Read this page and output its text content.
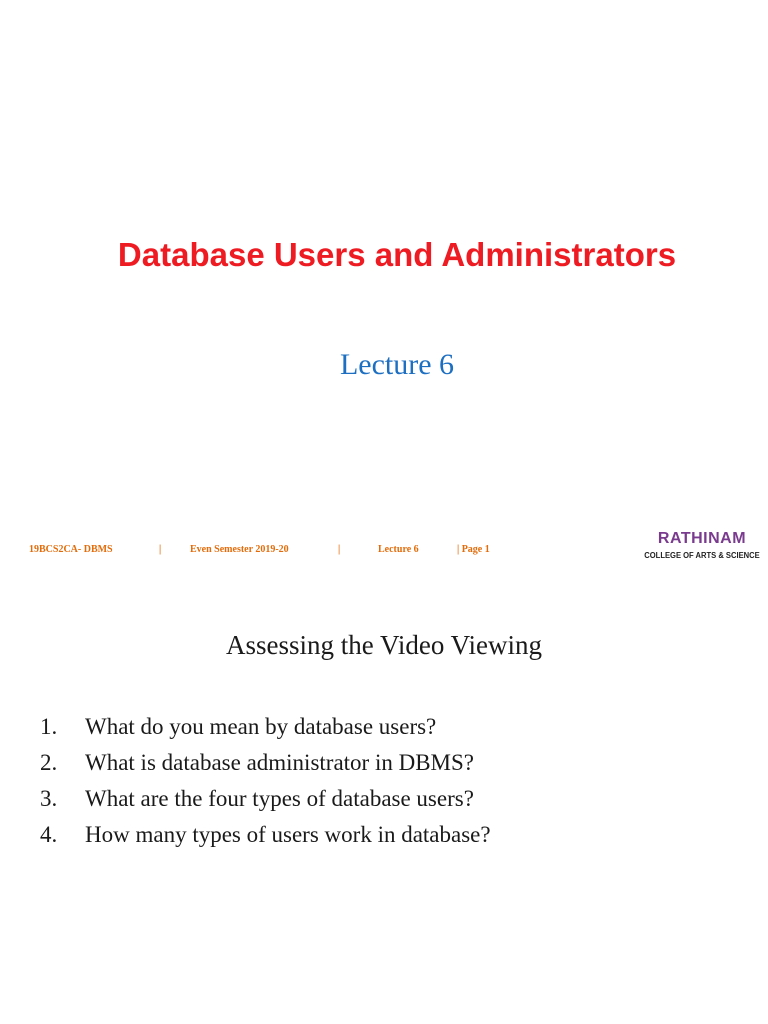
Database Users and Administrators
Lecture 6
19BCS2CA- DBMS	|	Even Semester 2019-20	|	Lecture 6	| Page 1
RATHINAM
COLLEGE OF ARTS & SCIENCE
Assessing the Video Viewing
1.	What do you mean by database users?
2.	What is database administrator in DBMS?
3.	What are the four types of database users?
4.	How many types of users work in database?
